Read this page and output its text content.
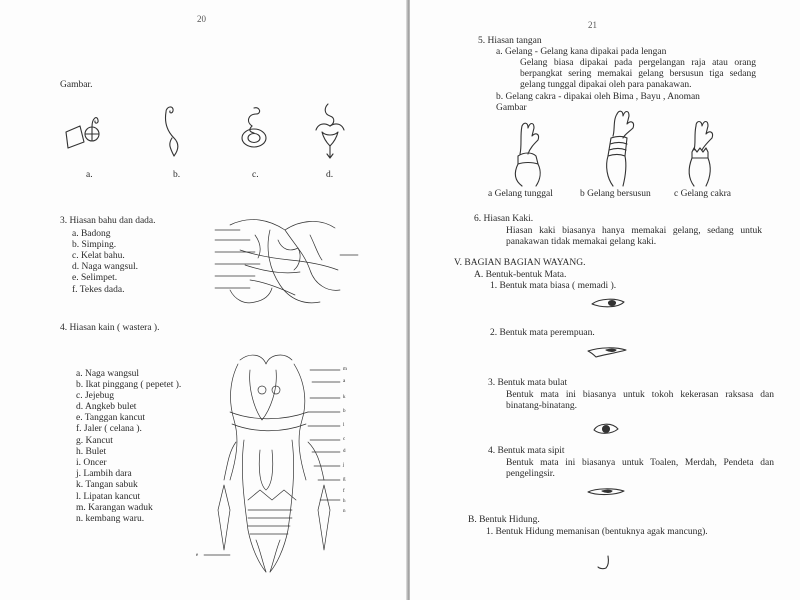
20
Gambar.
a.	b.	c.	d.
3. Hiasan bahu dan dada.
a. Badong
b. Simping.
c. Kelat bahu.
d. Naga wangsul.
e. Selimpet.
f. Tekes dada.
4. Hiasan kain ( wastera ).
a. Naga wangsul
b. Ikat pinggang ( pepetet ).
c. Jejebug
d. Angkeb bulet
e. Tanggan kancut
f. Jaler ( celana ).
g. Kancut
h. Bulet
i. Oncer
j. Lambih dara
k. Tangan sabuk
l. Lipatan kancut
m. Karangan waduk
n. kembang waru.
m
a
k
b
l
c
d
j
g
f
h
n
e
21
5. Hiasan tangan
a. Gelang - Gelang kana dipakai pada lengan
Gelang biasa dipakai pada pergelangan raja atau orang berpangkat sering memakai gelang bersusun tiga sedang gelang tunggal dipakai oleh para panakawan.
b. Gelang cakra - dipakai oleh Bima , Bayu , Anoman
Gambar
a Gelang tunggal	b Gelang bersusun c Gelang cakra
6. Hiasan Kaki.
Hiasan kaki biasanya hanya memakai gelang, sedang untuk panakawan tidak memakai gelang kaki.
V. BAGIAN BAGIAN WAYANG.
A. Bentuk-bentuk Mata.
1. Bentuk mata biasa ( memadi ).
2. Bentuk mata perempuan.
3. Bentuk mata bulat
Bentuk mata ini biasanya untuk tokoh kekerasan raksasa dan binatang-binatang.
4. Bentuk mata sipit
Bentuk mata ini biasanya untuk Toalen, Merdah, Pendeta dan pengelingsir.
B. Bentuk Hidung.
1. Bentuk Hidung memanisan (bentuknya agak mancung).
